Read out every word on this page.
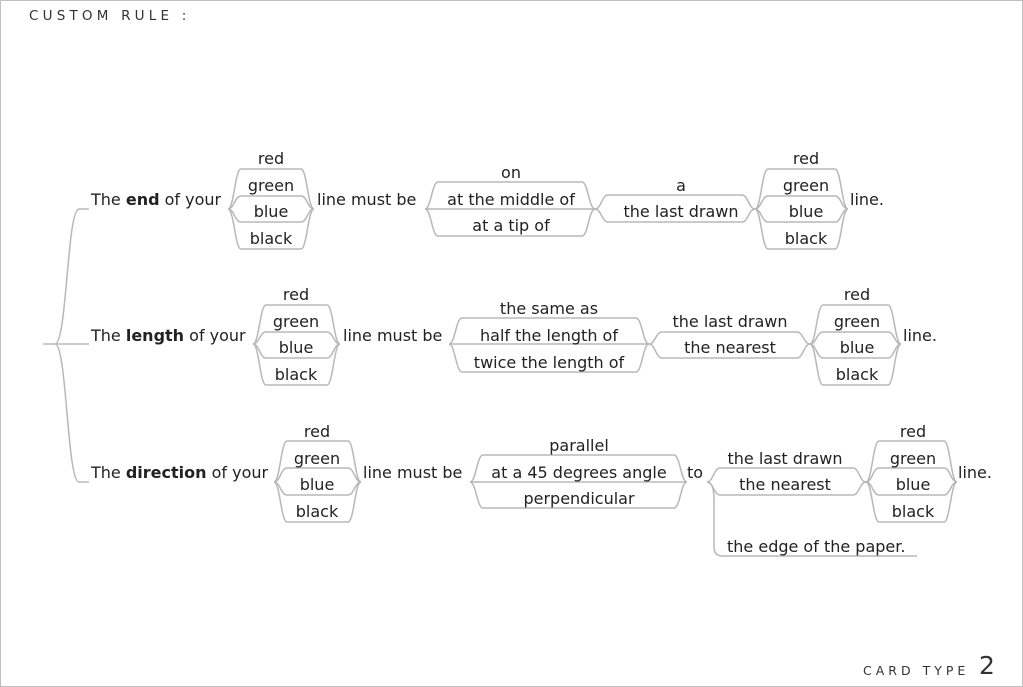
CUSTOM RULE :
The end of your
red
green
blue
black
line must be
on
at the middle of
at a tip of
a
the last drawn
red
green
blue
black
line.
The length of your
red
green
blue
black
line must be
the same as
half the length of
twice the length of
the last drawn
the nearest
red
green
blue
black
line.
The direction of your
red
green
blue
black
line must be
parallel
at a 45 degrees angle
perpendicular
to
the last drawn
the nearest
the edge of the paper.
red
green
blue
black
line.
CARD TYPE 2
